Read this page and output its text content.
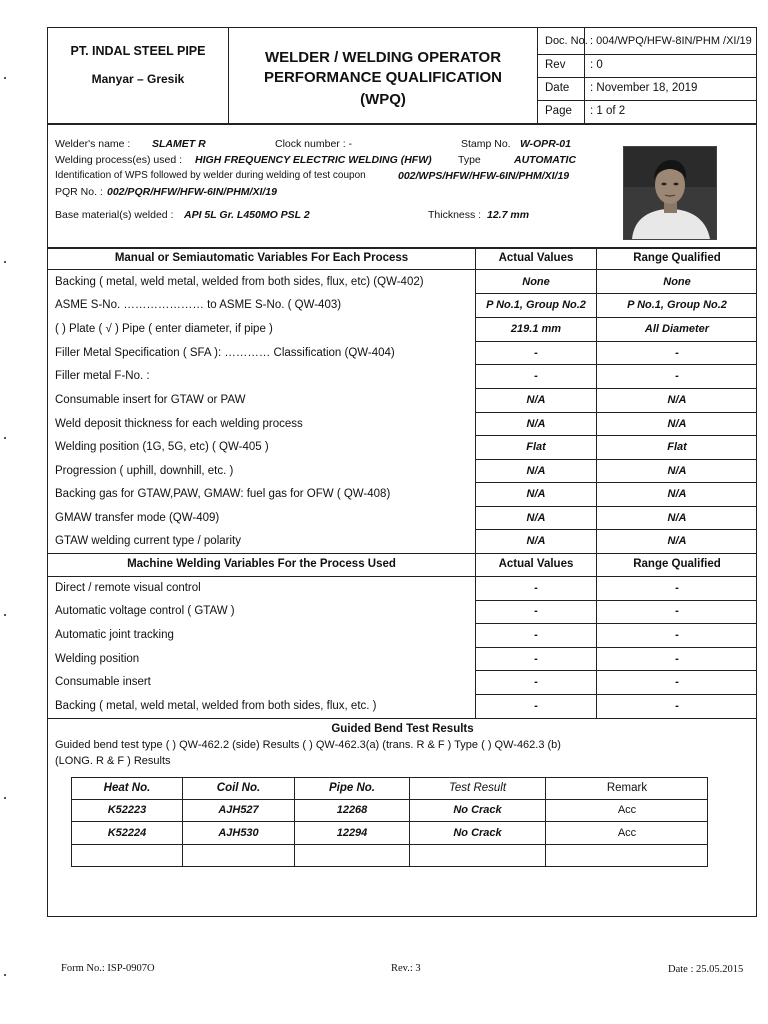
PT. INDAL STEEL PIPE
Manyar – Gresik
WELDER / WELDING OPERATOR
PERFORMANCE QUALIFICATION
(WPQ)
Doc. No. : 004/WPQ/HFW-8IN/PHM /XI/19
Rev : 0
Date : November 18, 2019
Page : 1 of 2
Welder's name : SLAMET R	Clock number : -	Stamp No. W-OPR-01
Welding process(es) used : HIGH FREQUENCY ELECTRIC WELDING (HFW)	Type	AUTOMATIC
Identification of WPS followed by welder during welding of test coupon	002/WPS/HFW/HFW-6IN/PHM/XI/19
PQR No. : 002/PQR/HFW/HFW-6IN/PHM/XI/19
Base material(s) welded : API 5L Gr. L450MO PSL 2	Thickness : 12.7 mm
Manual or Semiautomatic Variables For Each Process	Actual Values	Range Qualified
Backing ( metal, weld metal, welded from both sides, flux, etc) (QW-402)	None	None
ASME S-No. ………………… to ASME S-No. ( QW-403)	P No.1, Group No.2	P No.1, Group No.2
( ) Plate ( √ ) Pipe ( enter diameter, if pipe )	219.1 mm	All Diameter
Filler Metal Specification ( SFA ): ………… Classification (QW-404)	-	-
Filler metal F-No. :	-	-
Consumable insert for GTAW or PAW	N/A	N/A
Weld deposit thickness for each welding process	N/A	N/A
Welding position (1G, 5G, etc) ( QW-405 )	Flat	Flat
Progression ( uphill, downhill, etc. )	N/A	N/A
Backing gas for GTAW,PAW, GMAW: fuel gas for OFW ( QW-408)	N/A	N/A
GMAW transfer mode (QW-409)	N/A	N/A
GTAW welding current type / polarity	N/A	N/A
Machine Welding Variables For the Process Used	Actual Values	Range Qualified
Direct / remote visual control	-	-
Automatic voltage control ( GTAW )	-	-
Automatic joint tracking	-	-
Welding position	-	-
Consumable insert	-	-
Backing ( metal, weld metal, welded from both sides, flux, etc. )	-	-
Guided Bend Test Results
Guided bend test type ( ) QW-462.2 (side) Results ( ) QW-462.3(a) (trans. R & F ) Type ( ) QW-462.3 (b)
(LONG. R & F ) Results
Heat No.	Coil No.	Pipe No.	Test Result	Remark
K52223	AJH527	12268	No Crack	Acc
K52224	AJH530	12294	No Crack	Acc
Form No.: ISP-0907O	Rev.: 3	Date : 25.05.2015
